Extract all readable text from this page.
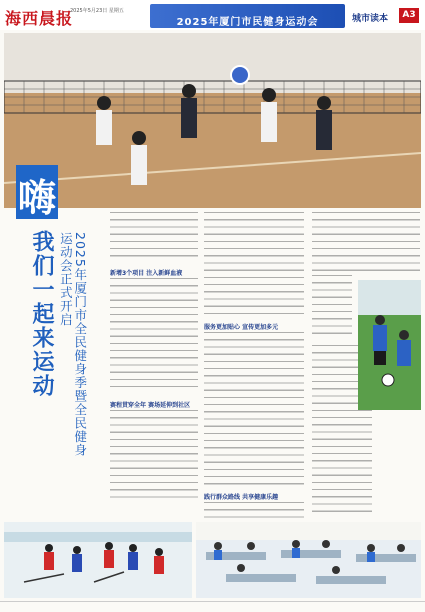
海西晨报
2025年5月23日 星期五
2025年厦门市民健身运动会	城市读本	A3
嗨
我们一起来运动	2025年厦门市全民健身季暨全民健身运动会正式开启	新增3个项目 注入新鲜血液
赛程贯穿全年 赛场延伸到社区
服务更加贴心 宣传更加多元
践行群众路线 共享健康乐趣
